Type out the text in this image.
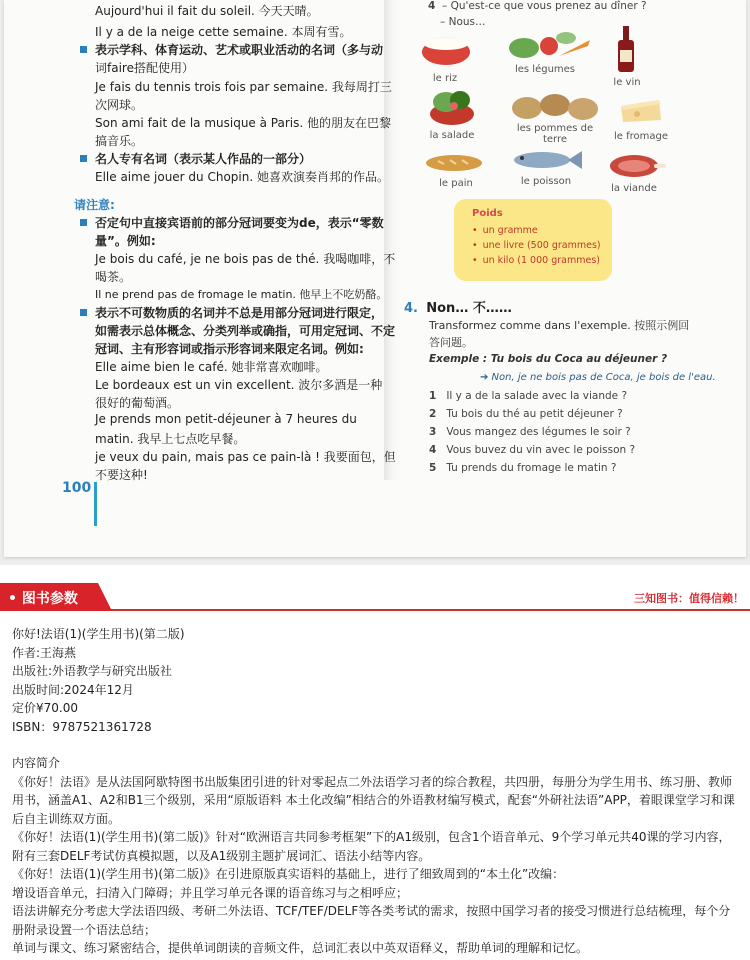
Aujourd'hui il fait du soleil. 今天天晴。
Il y a de la neige cette semaine. 本周有雪。
表示学科、体育运动、艺术或职业活动的名词（多与动
词faire搭配使用）
Je fais du tennis trois fois par semaine. 我每周打三
次网球。
Son ami fait de la musique à Paris. 他的朋友在巴黎
搞音乐。
名人专有名词（表示某人作品的一部分）
Elle aime jouer du Chopin. 她喜欢演奏肖邦的作品。
请注意:
否定句中直接宾语前的部分冠词要变为de，表示“零数
量”。例如:
Je bois du café, je ne bois pas de thé. 我喝咖啡，不
喝茶。
Il ne prend pas de fromage le matin. 他早上不吃奶酪。
表示不可数物质的名词并不总是用部分冠词进行限定，
如需表示总体概念、分类列举或确指，可用定冠词、不定
冠词、主有形容词或指示形容词来限定名词。例如:
Elle aime bien le café. 她非常喜欢咖啡。
Le bordeaux est un vin excellent. 波尔多酒是一种
很好的葡萄酒。
Je prends mon petit-déjeuner à 7 heures du
matin. 我早上七点吃早餐。
je veux du pain, mais pas ce pain-là ! 我要面包，但
不要这种!
100
4 – Qu'est-ce que vous prenez au dîner ?
– Nous…
le riz
les légumes
le vin
la salade
les pommes de terre	le fromage
le pain	le poisson
la viande
Poids
• un gramme
• une livre (500 grammes)
• un kilo (1 000 grammes)
4. Non… 不……
Transformez comme dans l'exemple. 按照示例回
答问题。
Exemple : Tu bois du Coca au déjeuner ?
➔ Non, je ne bois pas de Coca, je bois de l'eau.
1 Il y a de la salade avec la viande ?
2 Tu bois du thé au petit déjeuner ?
3 Vous mangez des légumes le soir ?
4 Vous buvez du vin avec le poisson ?
5 Tu prends du fromage le matin ?
• 图书参数	三知图书：值得信赖！

你好!法语(1)(学生用书)(第二版)

作者:王海燕

出版社:外语教学与研究出版社

出版时间:2024年12月

定价¥70.00

ISBN：9787521361728

内容简介

《你好！法语》是从法国阿歇特图书出版集团引进的针对零起点二外法语学习者的综合教程，共四册，每册分为学生用书、练习册、教师用书，涵盖A1、A2和B1三个级别，采用“原版语料 本土化改编”相结合的外语教材编写模式，配套“外研社法语”APP，着眼课堂学习和课后自主训练双方面。

《你好！法语(1)(学生用书)(第二版)》针对“欧洲语言共同参考框架”下的A1级别，包含1个语音单元、9个学习单元共40课的学习内容，附有三套DELF考试仿真模拟题，以及A1级别主题扩展词汇、语法小结等内容。

《你好！法语(1)(学生用书)(第二版)》在引进原版真实语料的基础上，进行了细致周到的“本土化”改编：

增设语音单元，扫清入门障碍；并且学习单元各课的语音练习与之相呼应；

语法讲解充分考虑大学法语四级、考研二外法语、TCF/TEF/DELF等各类考试的需求，按照中国学习者的接受习惯进行总结梳理，每个分册附录设置一个语法总结；

单词与课文、练习紧密结合，提供单词朗读的音频文件，总词汇表以中英双语释义，帮助单词的理解和记忆。
